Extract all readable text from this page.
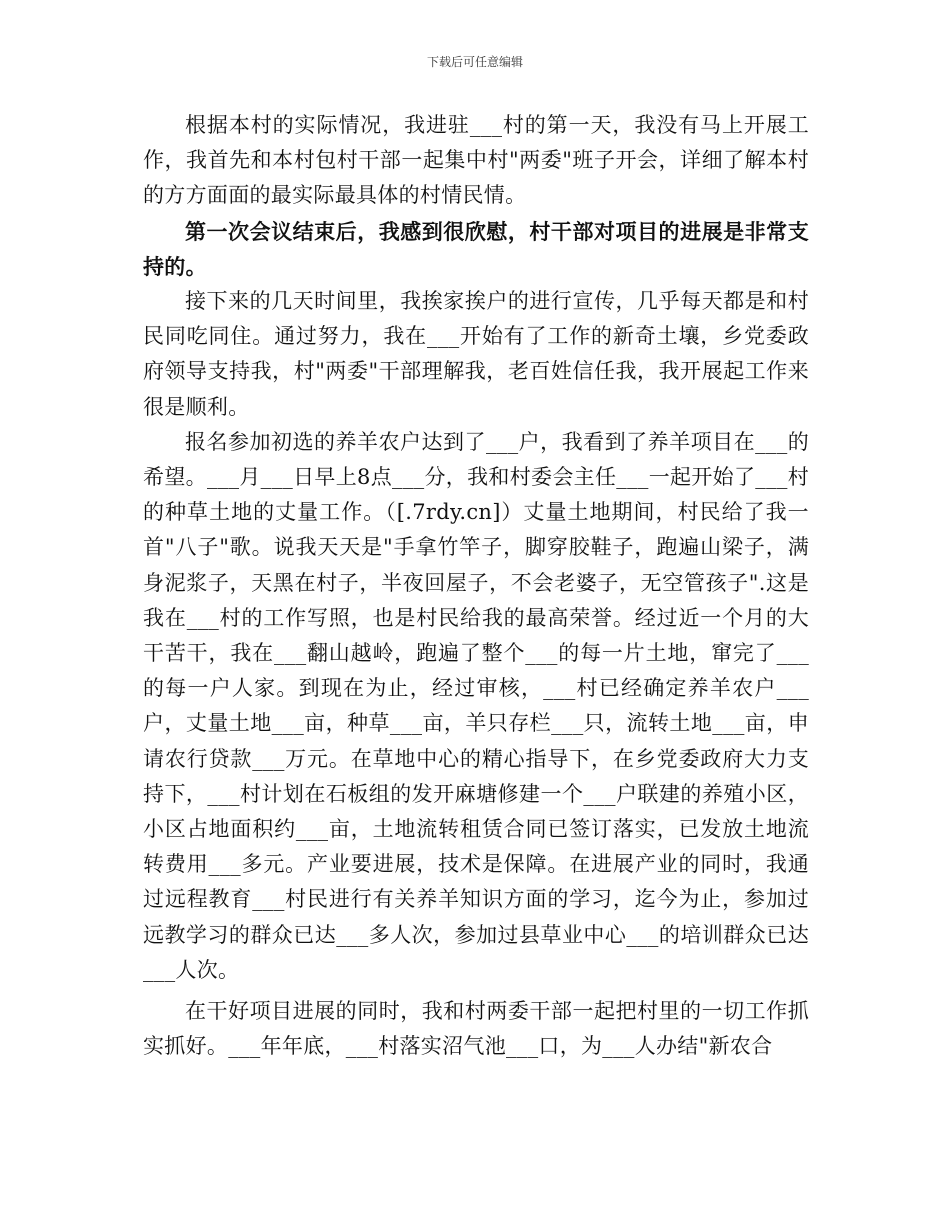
下载后可任意编辑

根据本村的实际情况，我进驻___村的第一天，我没有马上开展工作，我首先和本村包村干部一起集中村"两委"班子开会，详细了解本村的方方面面的最实际最具体的村情民情。

第一次会议结束后，我感到很欣慰，村干部对项目的进展是非常支持的。

接下来的几天时间里，我挨家挨户的进行宣传，几乎每天都是和村民同吃同住。通过努力，我在___开始有了工作的新奇土壤，乡党委政府领导支持我，村"两委"干部理解我，老百姓信任我，我开展起工作来很是顺利。

报名参加初选的养羊农户达到了___户，我看到了养羊项目在___的希望。___月___日早上8点___分，我和村委会主任___一起开始了___村的种草土地的丈量工作。（[.7rdy.cn]）丈量土地期间，村民给了我一首"八子"歌。说我天天是"手拿竹竿子，脚穿胶鞋子，跑遍山梁子，满身泥浆子，天黑在村子，半夜回屋子，不会老婆子，无空管孩子".这是我在___村的工作写照，也是村民给我的最高荣誉。经过近一个月的大干苦干，我在___翻山越岭，跑遍了整个___的每一片土地，窜完了___的每一户人家。到现在为止，经过审核，___村已经确定养羊农户___户，丈量土地___亩，种草___亩，羊只存栏___只，流转土地___亩，申请农行贷款___万元。在草地中心的精心指导下，在乡党委政府大力支持下，___村计划在石板组的发开麻塘修建一个___户联建的养殖小区，小区占地面积约___亩，土地流转租赁合同已签订落实，已发放土地流转费用___多元。产业要进展，技术是保障。在进展产业的同时，我通过远程教育___村民进行有关养羊知识方面的学习，迄今为止，参加过远教学习的群众已达___多人次，参加过县草业中心___的培训群众已达___人次。

在干好项目进展的同时，我和村两委干部一起把村里的一切工作抓实抓好。___年年底，___村落实沼气池___口，为___人办结"新农合
